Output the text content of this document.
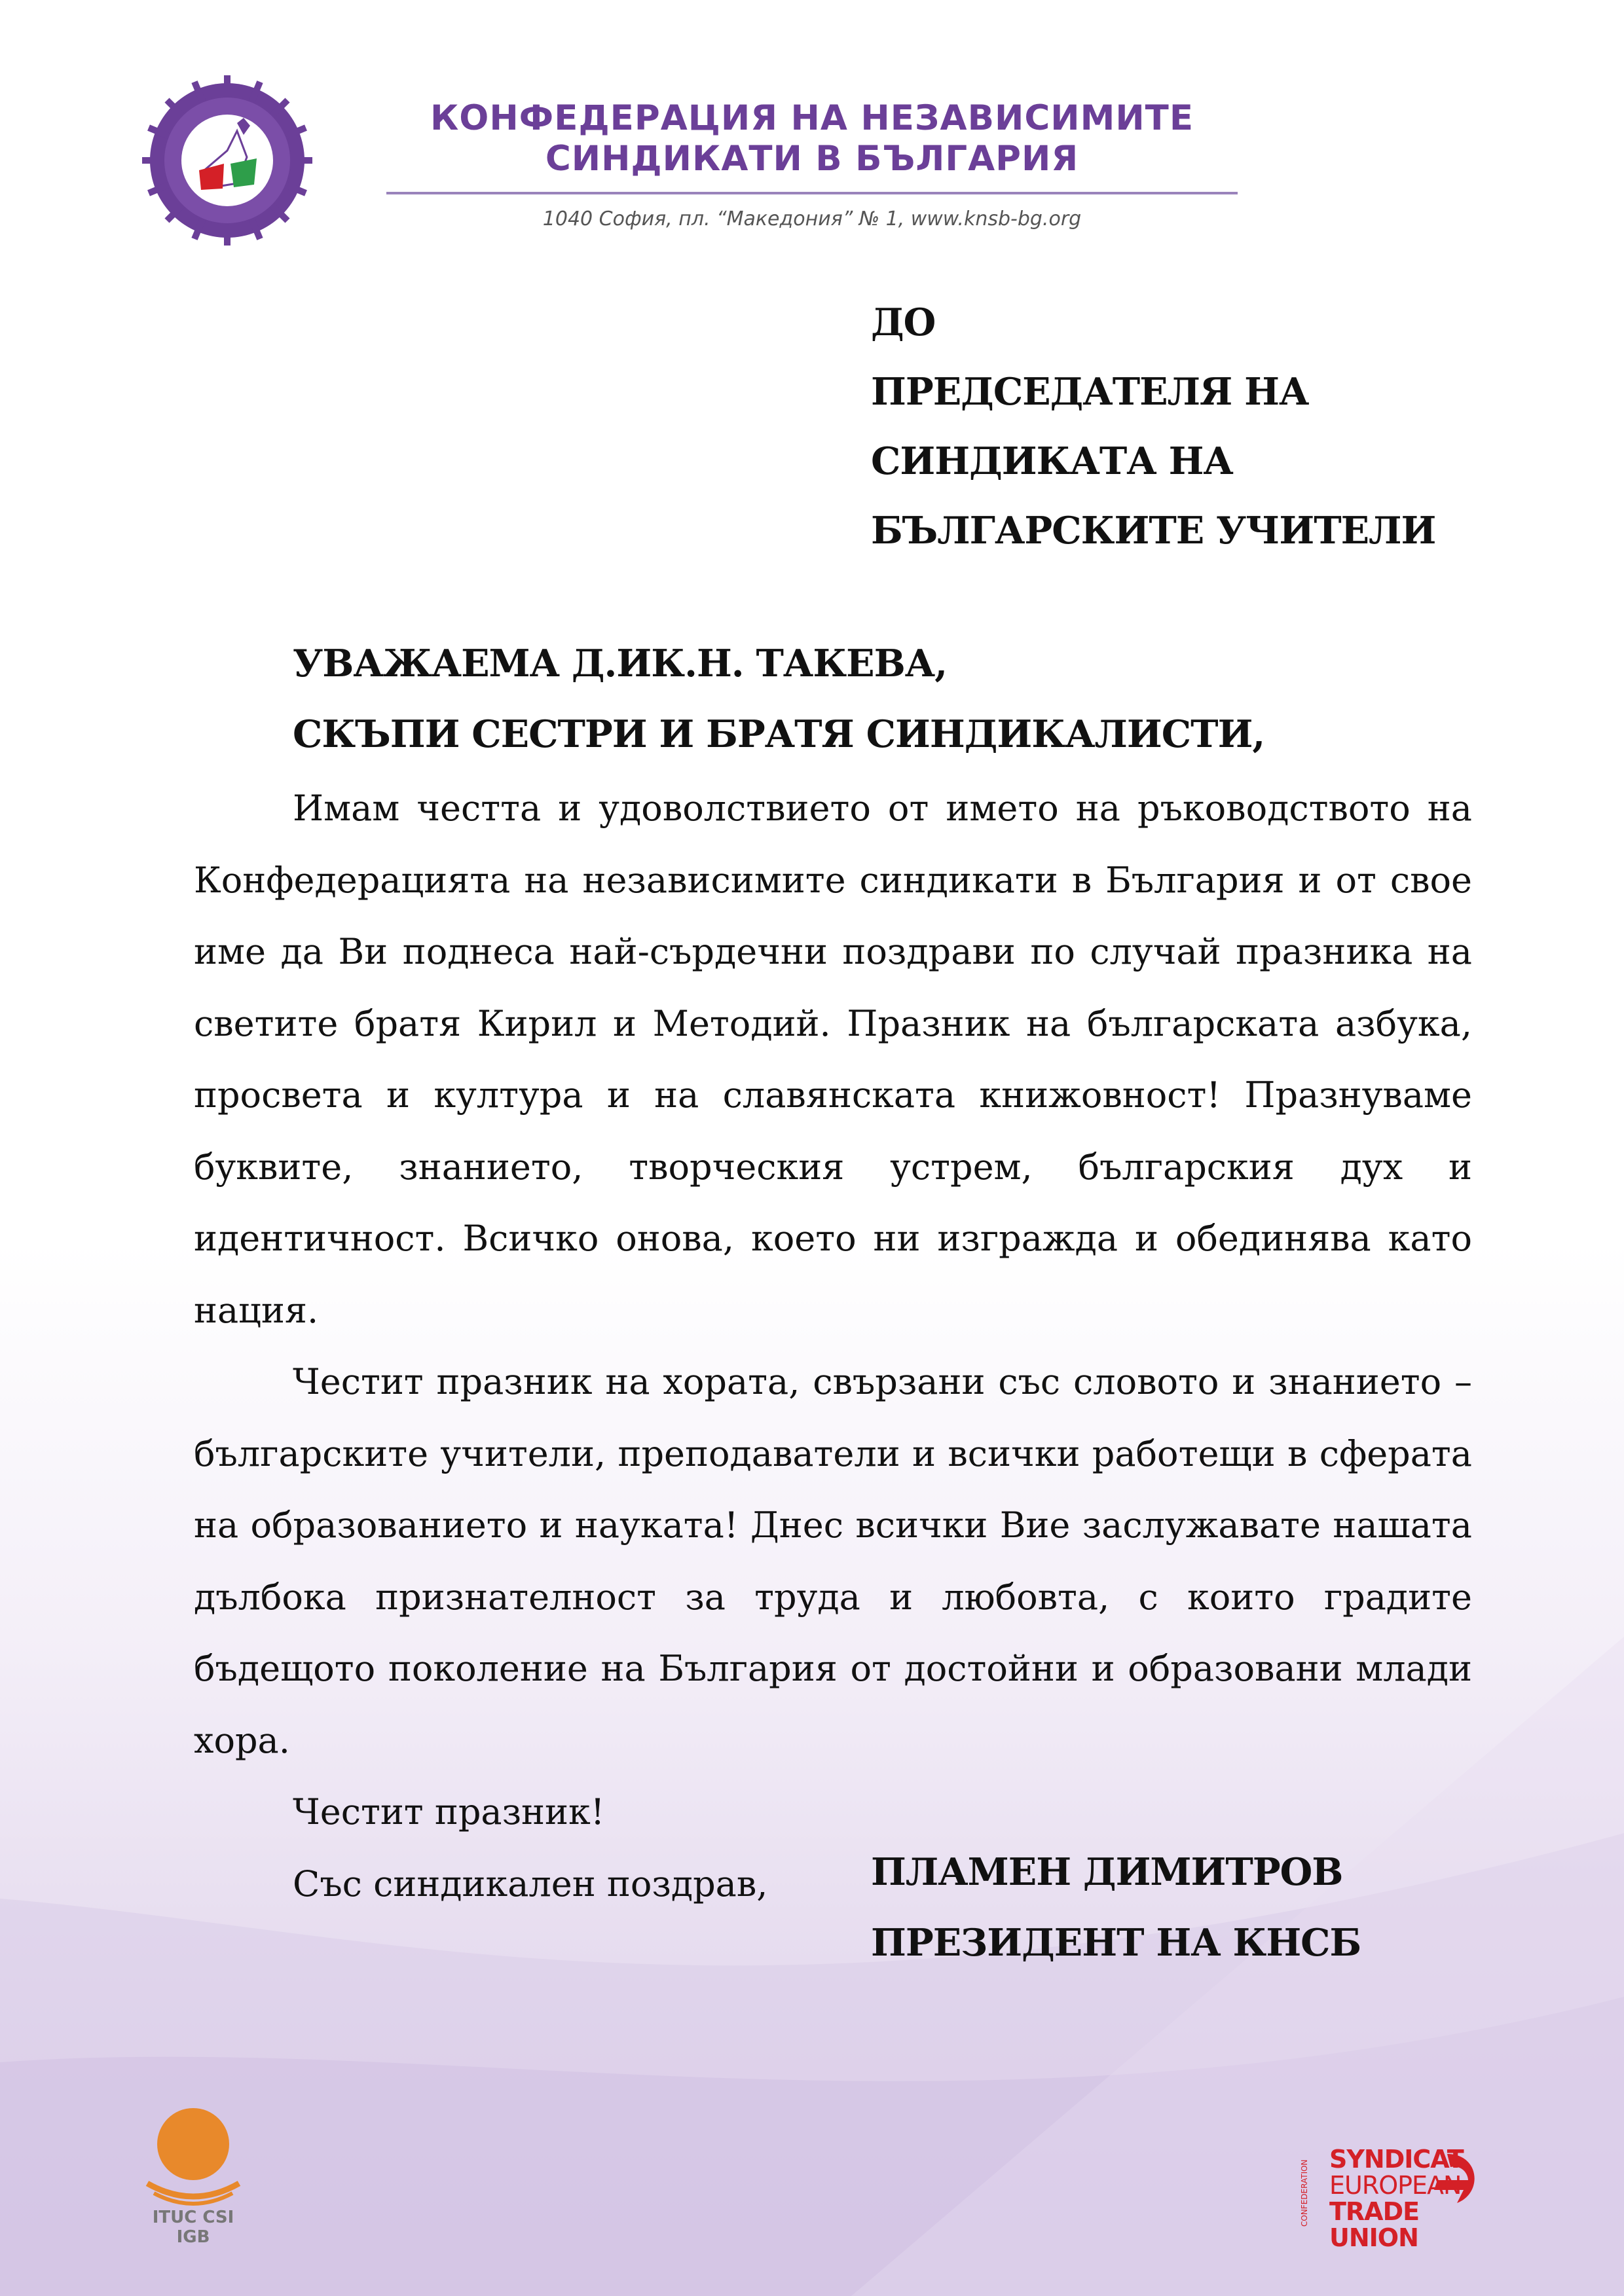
КОНФЕДЕРАЦИЯ НА НЕЗАВИСИМИТЕ
СИНДИКАТИ В БЪЛГАРИЯ
1040 София, пл. “Македония” № 1, www.knsb-bg.org
ДО
ПРЕДСЕДАТЕЛЯ НА
СИНДИКАТА НА
БЪЛГАРСКИТЕ УЧИТЕЛИ
УВАЖАЕМА Д.ИК.Н. ТАКЕВА,
СКЪПИ СЕСТРИ И БРАТЯ СИНДИКАЛИСТИ,

Имам честта и удоволствието от името на ръководството на Конфедерацията на независимите синдикати в България и от свое име да Ви поднеса най-сърдечни поздрави по случай празника на светите братя Кирил и Методий. Празник на българската азбука, просвета и култура и на славянската книжовност! Празнуваме буквите, знанието, творческия устрем, българския дух и идентичност. Всичко онова, което ни изгражда и обединява като нация.

Честит празник на хората, свързани със словото и знанието – българските учители, преподаватели и всички работещи в сферата на образованието и науката! Днес всички Вие заслужавате нашата дълбока признателност за труда и любовта, с които градите бъдещото поколение на България от достойни и образовани млади хора.

Честит празник!

Със синдикален поздрав,	ПЛАМЕН ДИМИТРОВ
ПРЕЗИДЕНТ НА КНСБ
ITUC CSI IGB
CONFEDERATION
SYNDICAT
EUROPEAN
TRADE UNION
